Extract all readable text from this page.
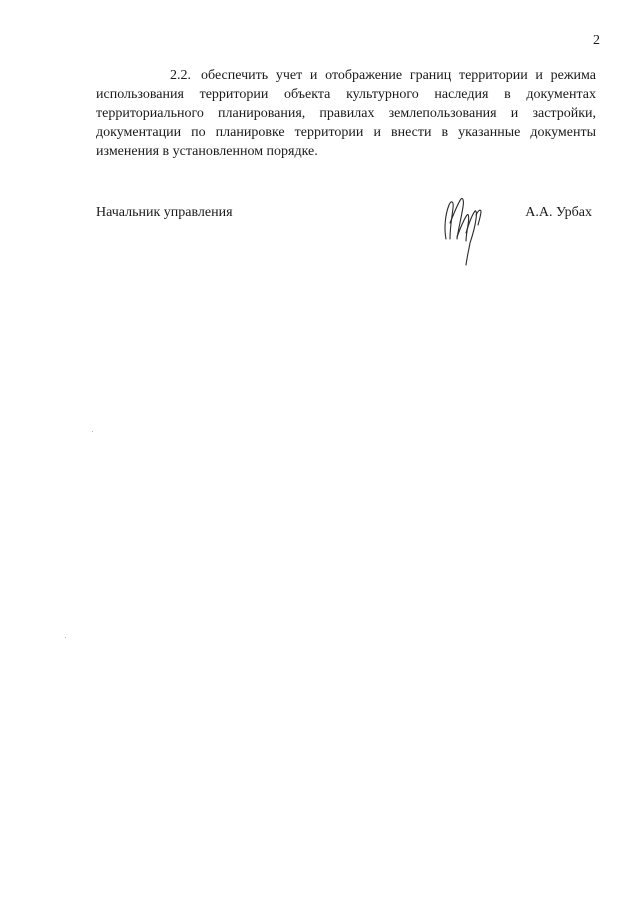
2

2.2. обеспечить учет и отображение границ территории и режима использования территории объекта культурного наследия в документах территориального планирования, правилах землепользования и застройки, документации по планировке территории и внести в указанные документы изменения в установленном порядке.

Начальник управления	А.А. Урбах
